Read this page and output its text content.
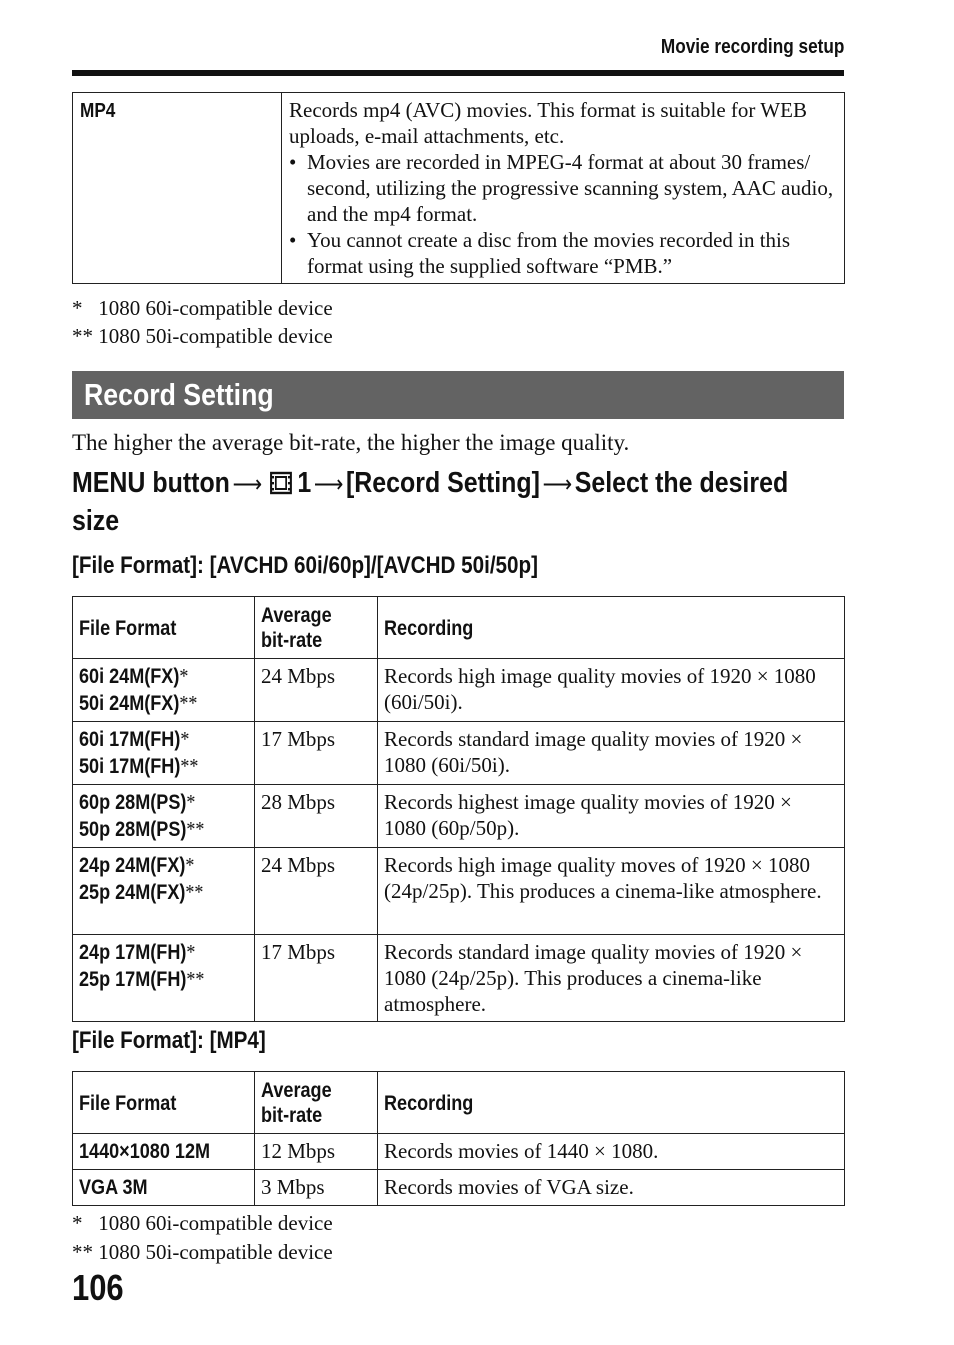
Movie recording setup
MP4	Records mp4 (AVC) movies. This format is suitable for WEB uploads, e-mail attachments, etc.
• Movies are recorded in MPEG-4 format at about 30 frames/ second, utilizing the progressive scanning system, AAC audio, and the mp4 format.
• You cannot create a disc from the movies recorded in this format using the supplied software “PMB.”
*   1080 60i-compatible device
** 1080 50i-compatible device
Record Setting
The higher the average bit-rate, the higher the image quality.
MENU button ⟶ 1 ⟶[Record Setting] ⟶Select the desired
size
[File Format]: [AVCHD 60i/60p]/[AVCHD 50i/50p]
File Format	Average bit-rate	Recording
60i 24M(FX)*
50i 24M(FX)**	24 Mbps	Records high image quality movies of 1920 × 1080 (60i/50i).
60i 17M(FH)*
50i 17M(FH)**	17 Mbps	Records standard image quality movies of 1920 × 1080 (60i/50i).
60p 28M(PS)*
50p 28M(PS)**	28 Mbps	Records highest image quality movies of 1920 × 1080 (60p/50p).
24p 24M(FX)*
25p 24M(FX)**	24 Mbps	Records high image quality moves of 1920 × 1080 (24p/25p). This produces a cinema-like atmosphere.
24p 17M(FH)*
25p 17M(FH)**	17 Mbps	Records standard image quality movies of 1920 × 1080 (24p/25p). This produces a cinema-like atmosphere.
[File Format]: [MP4]
File Format	Average bit-rate	Recording
1440×1080 12M	12 Mbps	Records movies of 1440 × 1080.
VGA 3M	3 Mbps	Records movies of VGA size.
*   1080 60i-compatible device
** 1080 50i-compatible device
106
